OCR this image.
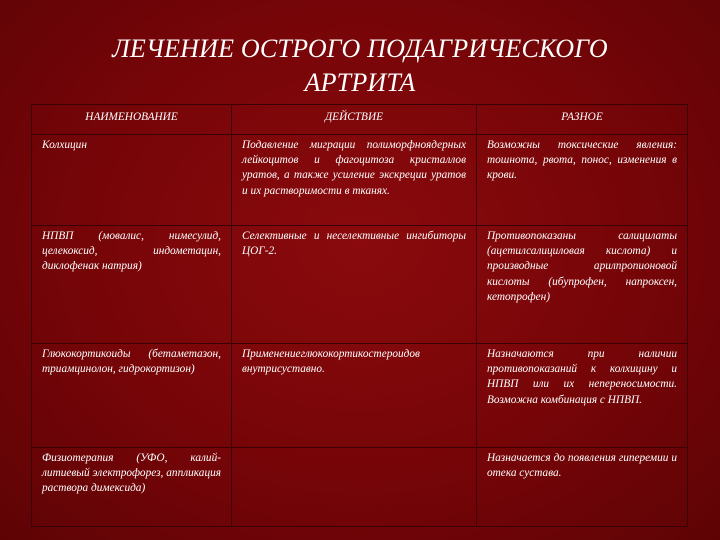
ЛЕЧЕНИЕ ОСТРОГО ПОДАГРИЧЕСКОГО
АРТРИТА
НАИМЕНОВАНИЕ	ДЕЙСТВИЕ	РАЗНОЕ
Колхицин	Подавление миграции полиморфноядерных лейкоцитов и фагоцитоза кристаллов уратов, а также усиление экскреции уратов и их растворимости в тканях.	Возможны токсические явления: тошнота, рвота, понос, изменения в крови.
НПВП (мовалис, нимесулид, целекоксид, индометацин, диклофенак натрия)	Селективные и неселективные ингибиторы ЦОГ-2.	Противопоказаны салицилаты (ацетилсалициловая кислота) и производные арилпропионовой кислоты (ибупрофен, напроксен, кетопрофен)
Глюкокортикоиды (бетаметазон, триамцинолон, гидрокортизон)	Применениеглюкокортикостероидов внутрисуставно.	Назначаются при наличии противопоказаний к колхицину и НПВП или их непереносимости. Возможна комбинация с НПВП.
Физиотерапия (УФО, калий-литиевый электрофорез, аппликация раствора димексида)		Назначается до появления гиперемии и отека сустава.
